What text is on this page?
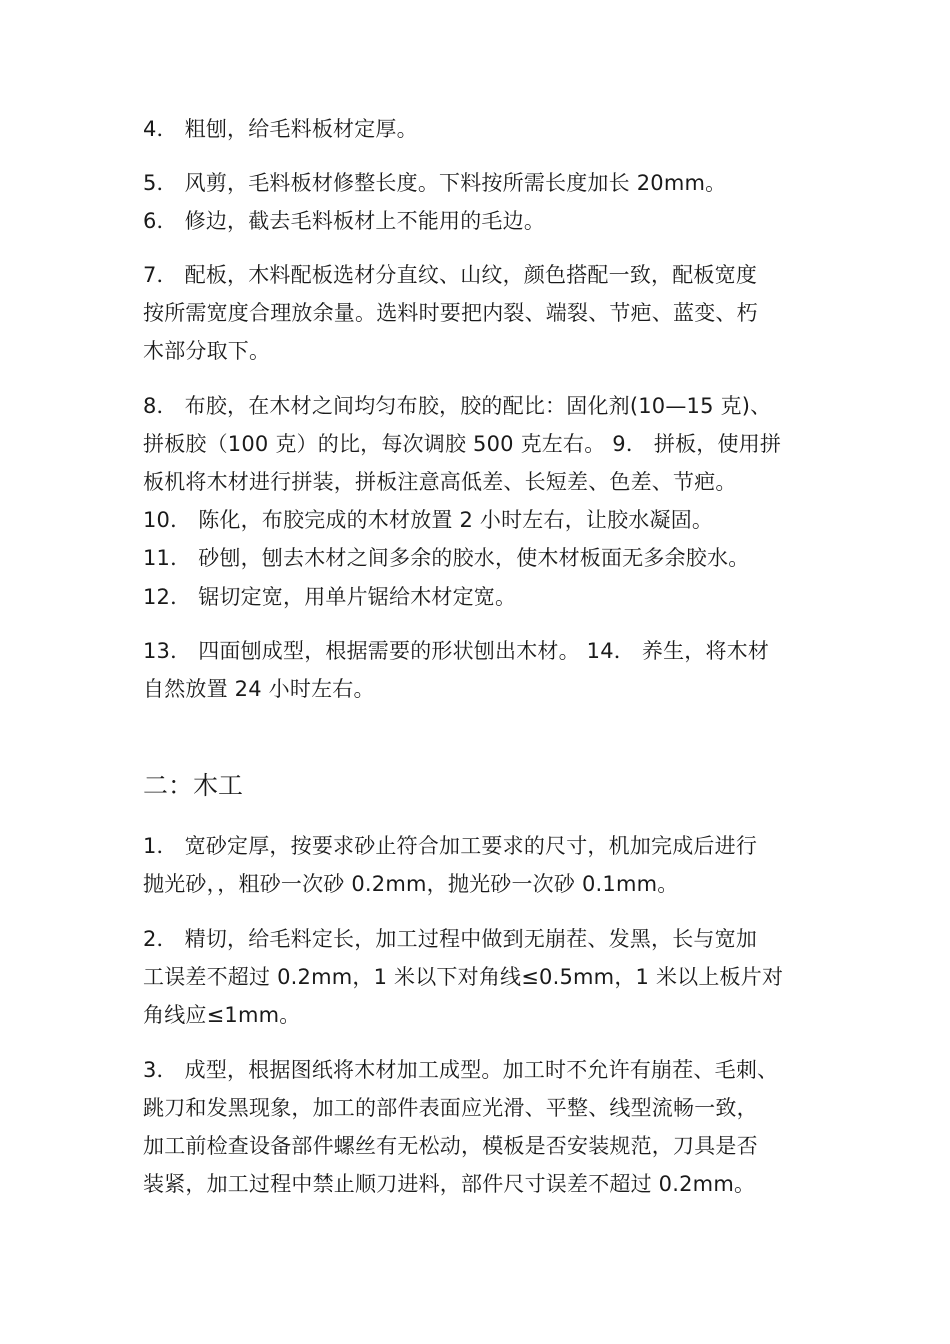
4． 粗刨，给毛料板材定厚。
5． 风剪，毛料板材修整长度。下料按所需长度加长 20mm。
6． 修边，截去毛料板材上不能用的毛边。
7． 配板，木料配板选材分直纹、山纹，颜色搭配一致，配板宽度
按所需宽度合理放余量。选料时要把内裂、端裂、节疤、蓝变、朽
木部分取下。
8． 布胶，在木材之间均匀布胶，胶的配比：固化剂(10—15 克)、
拼板胶（100 克）的比，每次调胶 500 克左右。 9． 拼板，使用拼
板机将木材进行拼装，拼板注意高低差、长短差、色差、节疤。
10． 陈化，布胶完成的木材放置 2 小时左右，让胶水凝固。
11． 砂刨，刨去木材之间多余的胶水，使木材板面无多余胶水。
12． 锯切定宽，用单片锯给木材定宽。
13． 四面刨成型，根据需要的形状刨出木材。 14． 养生，将木材
自然放置 24 小时左右。
二：木工
1． 宽砂定厚，按要求砂止符合加工要求的尺寸，机加完成后进行
抛光砂，，粗砂一次砂 0.2mm，抛光砂一次砂 0.1mm。
2． 精切，给毛料定长，加工过程中做到无崩茬、发黑，长与宽加
工误差不超过 0.2mm，1 米以下对角线≤0.5mm，1 米以上板片对
角线应≤1mm。
3． 成型，根据图纸将木材加工成型。加工时不允许有崩茬、毛刺、
跳刀和发黑现象，加工的部件表面应光滑、平整、线型流畅一致，
加工前检查设备部件螺丝有无松动，模板是否安装规范，刀具是否
装紧，加工过程中禁止顺刀进料，部件尺寸误差不超过 0.2mm。
